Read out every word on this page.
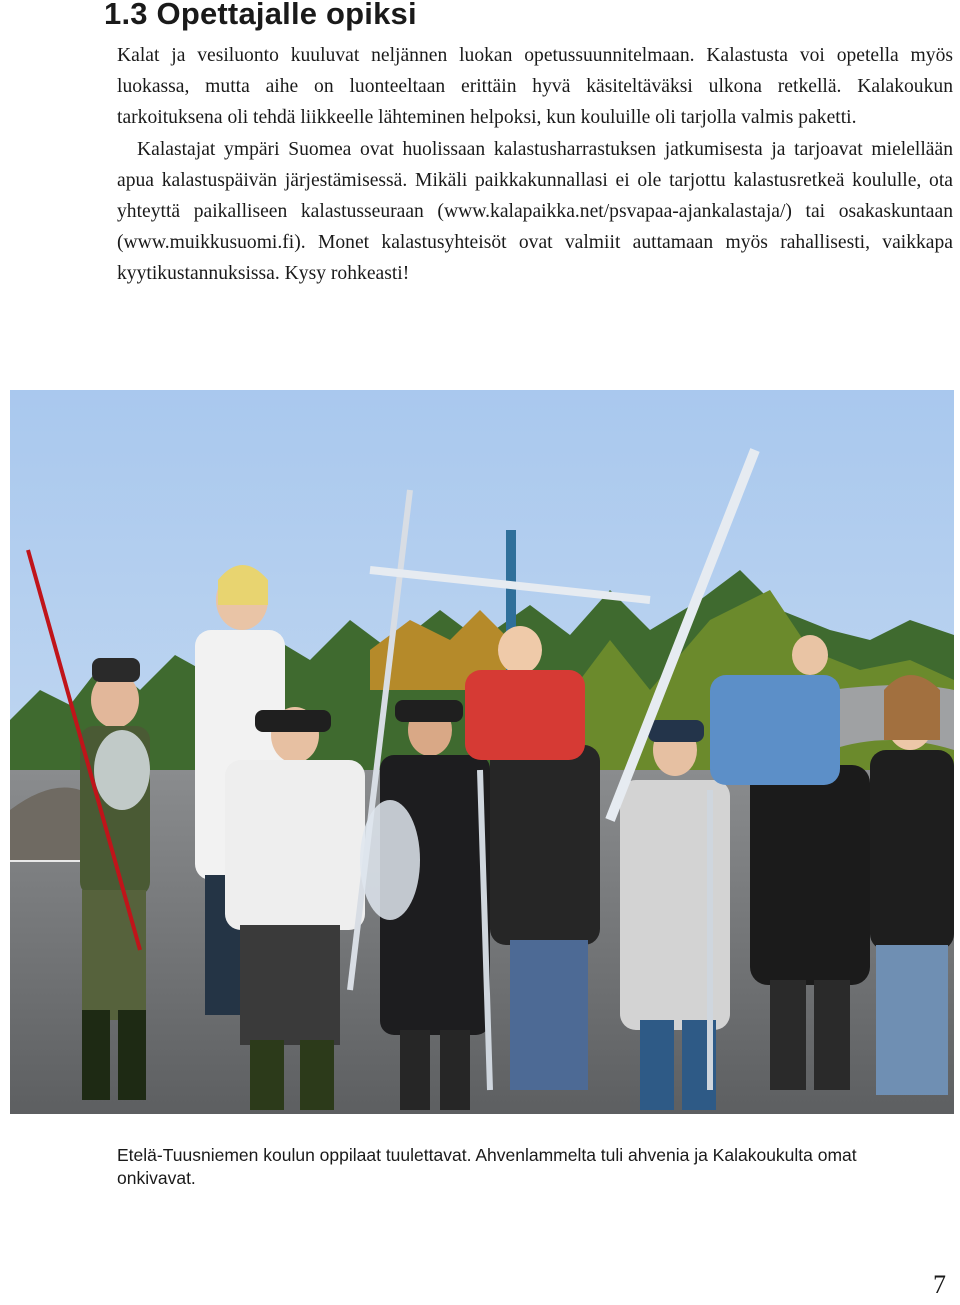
1.3 Opettajalle opiksi

Kalat ja vesiluonto kuuluvat neljännen luokan opetussuunnitelmaan. Kalastusta voi opetella myös luokassa, mutta aihe on luonteeltaan erittäin hyvä käsiteltäväksi ulkona retkellä. Kalakoukun tarkoituksena oli tehdä liikkeelle lähteminen helpoksi, kun kouluille oli tarjolla valmis paketti.

Kalastajat ympäri Suomea ovat huolissaan kalastusharrastuksen jatkumisesta ja tarjoavat mielellään apua kalastuspäivän järjestämisessä. Mikäli paikkakunnallasi ei ole tarjottu kalastusretkeä koululle, ota yhteyttä paikalliseen kalastusseuraan (www.kalapaikka.net/psvapaa-ajankalastaja/) tai osakaskuntaan (www.muikkusuomi.fi). Monet kalastusyhteisöt ovat valmiit auttamaan myös rahallisesti, vaikkapa kyytikustannuksissa. Kysy rohkeasti!

Etelä-Tuusniemen koulun oppilaat tuulettavat. Ahvenlammelta tuli ahvenia ja Kalakoukulta omat onkivavat.

7
